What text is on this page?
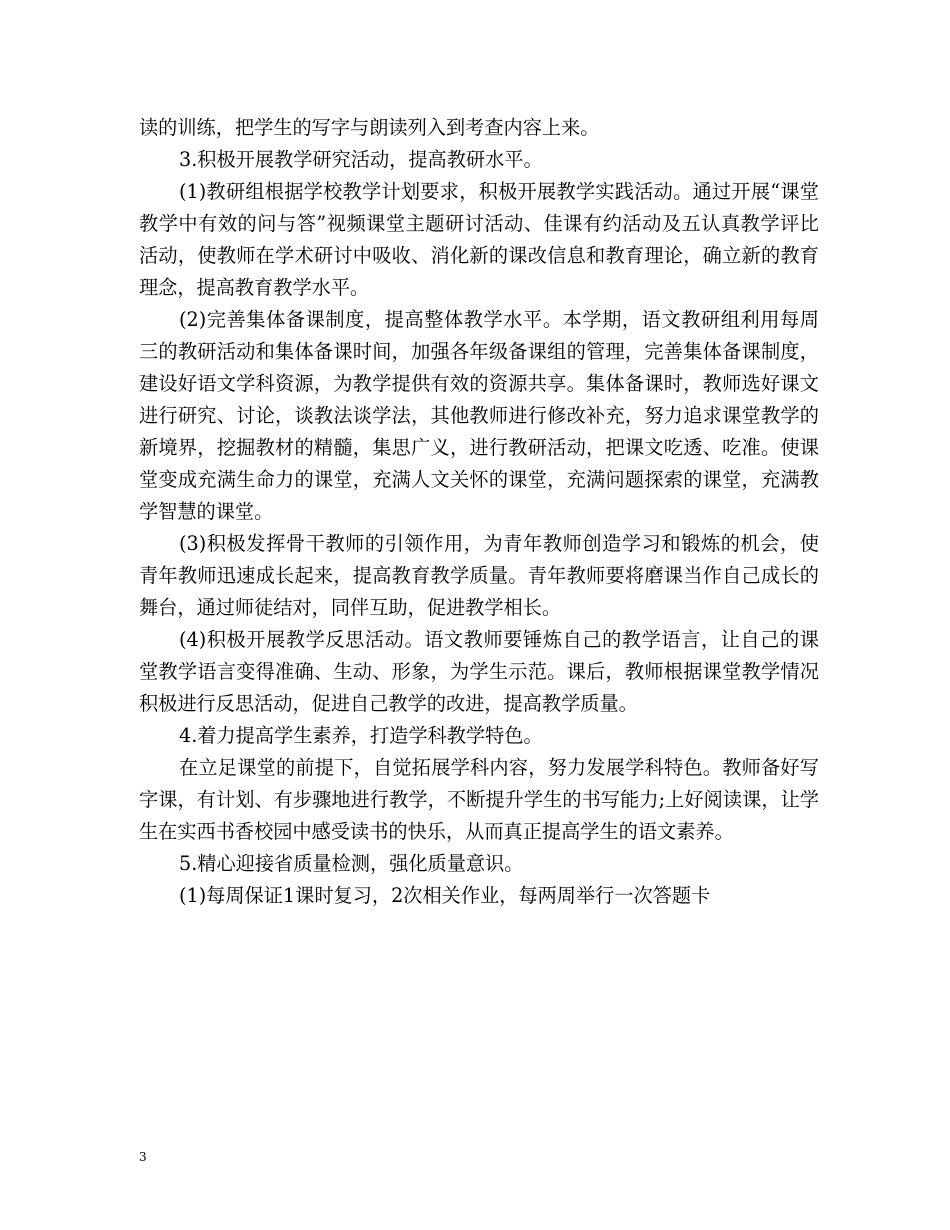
读的训练，把学生的写字与朗读列入到考查内容上来。

3.积极开展教学研究活动，提高教研水平。

(1)教研组根据学校教学计划要求，积极开展教学实践活动。通过开展“课堂教学中有效的问与答”视频课堂主题研讨活动、佳课有约活动及五认真教学评比活动，使教师在学术研讨中吸收、消化新的课改信息和教育理论，确立新的教育理念，提高教育教学水平。

(2)完善集体备课制度，提高整体教学水平。本学期，语文教研组利用每周三的教研活动和集体备课时间，加强各年级备课组的管理，完善集体备课制度，建设好语文学科资源，为教学提供有效的资源共享。集体备课时，教师选好课文进行研究、讨论，谈教法谈学法，其他教师进行修改补充，努力追求课堂教学的新境界，挖掘教材的精髓，集思广义，进行教研活动，把课文吃透、吃准。使课堂变成充满生命力的课堂，充满人文关怀的课堂，充满问题探索的课堂，充满教学智慧的课堂。

(3)积极发挥骨干教师的引领作用，为青年教师创造学习和锻炼的机会，使青年教师迅速成长起来，提高教育教学质量。青年教师要将磨课当作自己成长的舞台，通过师徒结对，同伴互助，促进教学相长。

(4)积极开展教学反思活动。语文教师要锤炼自己的教学语言，让自己的课堂教学语言变得准确、生动、形象，为学生示范。课后，教师根据课堂教学情况积极进行反思活动，促进自己教学的改进，提高教学质量。

4.着力提高学生素养，打造学科教学特色。

在立足课堂的前提下，自觉拓展学科内容，努力发展学科特色。教师备好写字课，有计划、有步骤地进行教学，不断提升学生的书写能力;上好阅读课，让学生在实西书香校园中感受读书的快乐，从而真正提高学生的语文素养。

5.精心迎接省质量检测，强化质量意识。

(1)每周保证1课时复习，2次相关作业，每两周举行一次答题卡

3
